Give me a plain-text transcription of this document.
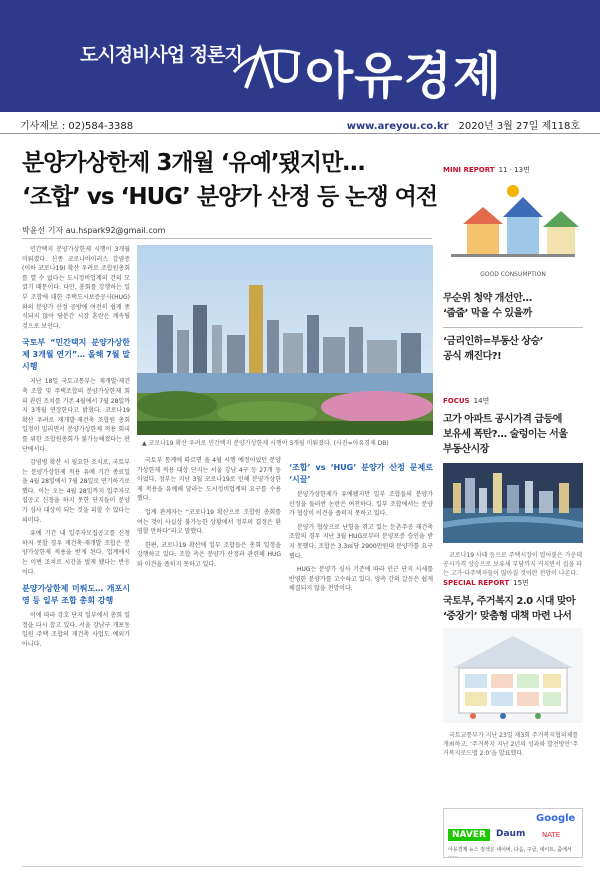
도시정비사업 정론지 아유경제
기사제보 : 02)584-3388	www.areyou.co.kr 2020년 3월 27일 제118호
분양가상한제 3개월 ‘유예’됐지만…
‘조합’ vs ‘HUG’ 분양가 산정 등 논쟁 여전
박윤선 기자 au.hspark92@gmail.com

민간택지 분양가상한제 시행이 3개월 미뤄졌다. 신종 코로나바이러스 감염증(이하 코로나19) 확산 우려로 조합원총회를 열 수 없다는 도시정비업계의 건의 모였기 때문이다. 다만, 총회를 강행하는 일부 조합에 대한 주택도시보증공사(HUG)와의 분양가 산정 공방에 여전히 쉽게 종식되지 않아 당분간 시장 혼란은 계속될 것으로 보인다.

국토부 “민간택지 분양가상한제 3개월 연기”… 올해 7월 말 시행

지난 18일 국토교통부는 재개발·재건축 조합 및 주택조합의 분양가상한제 회피 관련 조치를 기존 4월에서 7월 28일까지 3개월 연장한다고 밝혔다. 코로나19 확산 우려로 재개발·재건축 조합원 총회 일정이 밀리면서 분양가상한제 적용 회피를 위한 조합원총회가 불가능해졌다는 판단에서다.

감염병 확산 시 필요한 조치로, 국토부는 분양가상한제 적용 유예 기간 종료일을 4월 28일에서 7월 28일로 연기하기로 했다. 이는 오는 4월 28일까지 입주자모집공고 신청을 하지 못한 단지들이 분양가 심사 대상이 되는 것을 피할 수 있다는 의미다.

유예 기간 내 입주자모집공고를 신청하지 못할 경우 재건축·재개발 조합은 분양가상한제 적용을 받게 된다. 업계에서는 이번 조치로 시간을 벌게 됐다는 반응이다.

분양가상한제 미뤄도… 개포시영 등 일부 조합 총회 강행

이에 따라 강호 단지 일부에서 총회 일정을 다시 잡고 있다. 서울 강남구 개포동 일원 주택 조합의 재건축 사업도 예외가 아니다.

▲ 코로나19 확산 우려로 민간택지 분양가상한제 시행이 3개월 미뤄졌다. (사진=아유경제 DB)

국토부 통계에 따르면 올 4월 시행 예정이었던 분양가상한제 적용 대상 단지는 서울 강남 4구 등 27개 동이었다. 정부는 지난 3월 코로나19로 인해 분양가상한제 적용을 유예해 달라는 도시정비업계의 요구를 수용했다.

업계 관계자는 “코로나19 확산으로 조합원 총회를 여는 것이 사실상 불가능한 상황에서 정부의 결정은 환영할 만하다”라고 말했다.

한편, 코로나19 확산에 일부 조합들은 총회 일정을 강행하고 있다. 조합 측은 분양가 산정과 관련해 HUG와 이견을 좁히지 못하고 있다.

‘조합’ vs ‘HUG’ 분양가 산정 문제로 ‘시끌’

분양가상한제가 유예됐지만 일부 조합들의 분양가 산정을 둘러싼 논란은 여전하다. 일부 조합에서는 분양가 협상이 이견을 좁히지 못하고 있다.

분양가 협상으로 난항을 겪고 있는 둔촌주공 재건축 조합의 경우 지난 3월 HUG로부터 분양보증 승인을 받지 못했다. 조합은 3.3㎡당 2900만원대 분양가를 요구했다.

HUG는 분양가 심사 기준에 따라 인근 단지 시세를 반영한 분양가를 고수하고 있다. 양측 간의 갈등은 쉽게 해결되지 않을 전망이다.

MINI REPORT 11 · 13면
GOOD CONSUMPTION
무순위 청약 개선안…
‘줍줍’ 막을 수 있을까
‘금리인하=부동산 상승’
공식 깨진다?!
FOCUS 14면
고가 아파트 공시가격 급등에
보유세 폭탄?… 술렁이는 서울
부동산시장
코로나19 사태 등으로 주택시장이 얼어붙은 가운데 공시가격 상승으로 보유세 부담까지 커지면서 집을 파는 고가·다주택자들이 많아질 것이란 전망이 나온다.
SPECIAL REPORT 15면
국토부, 주거복지 2.0 시대 맞아
‘중장기’ 맞춤형 대책 마련 나서
국토교통부가 지난 23일 제3회 주거복지협의체를 개최하고, ‘주거복지 지난 2년의 성과와 발전방안’주거복지로드맵 2.0’을 발표했다.
NAVER	Daum
Google
NATE
아유경제 뉴스 검색은 네이버, 다음, 구글, 네이트, 줌에서 ……
